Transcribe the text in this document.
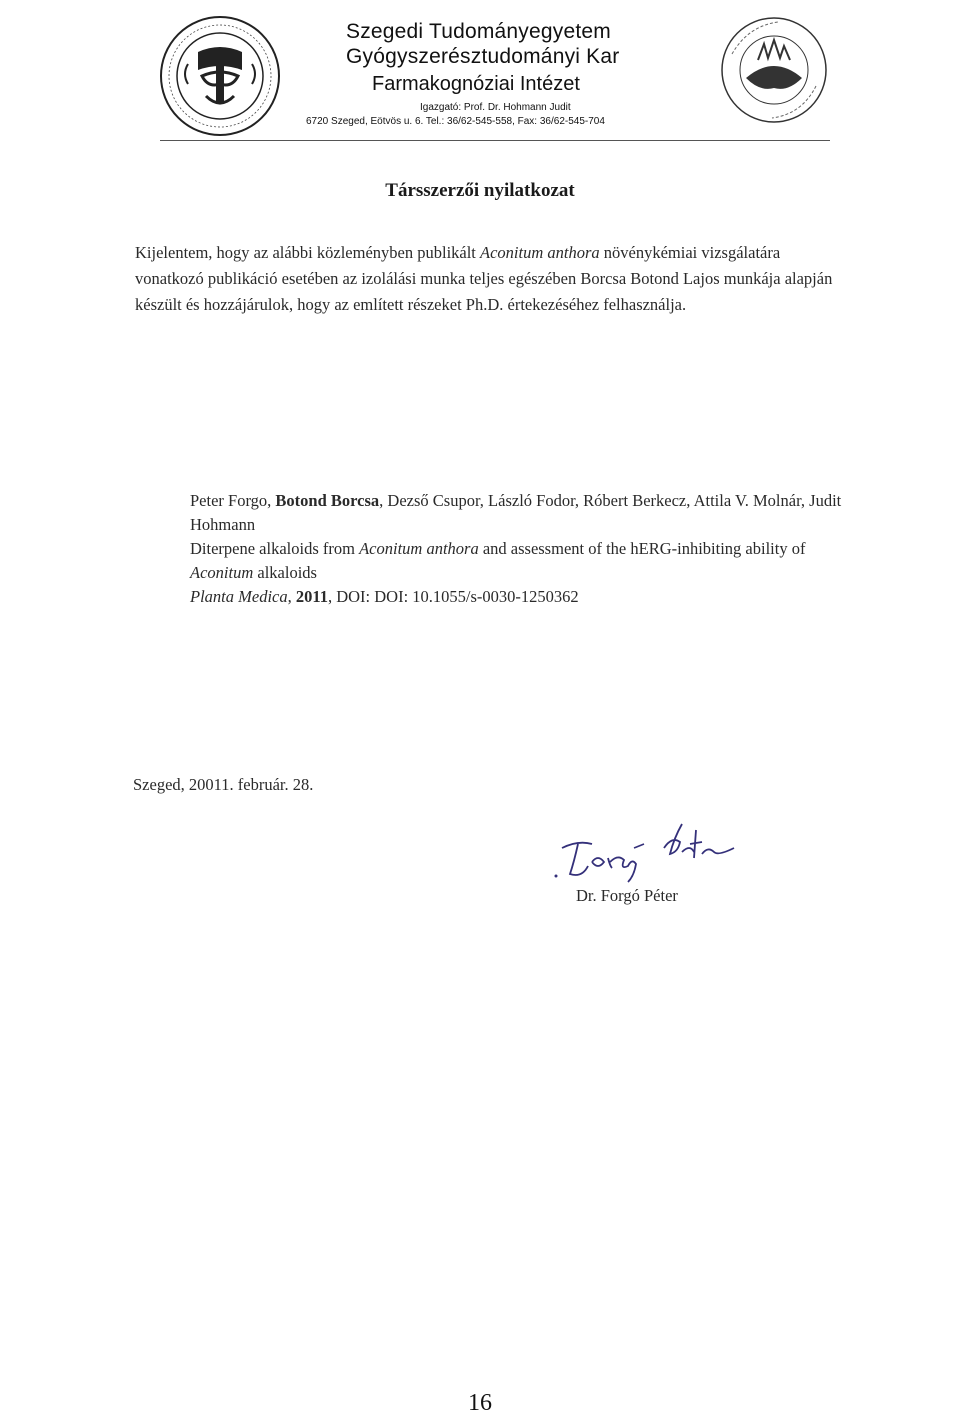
Szegedi Tudományegyetem
Gyógyszerésztudományi Kar
Farmakognóziai Intézet
Igazgató: Prof. Dr. Hohmann Judit
6720 Szeged, Eötvös u. 6. Tel.: 36/62-545-558, Fax: 36/62-545-704
Társszerzői nyilatkozat
Kijelentem, hogy az alábbi közleményben publikált Aconitum anthora növénykémiai vizsgálatára vonatkozó publikáció esetében az izolálási munka teljes egészében Borcsa Botond Lajos munkája alapján készült és hozzájárulok, hogy az említett részeket Ph.D. értekezéséhez felhasználja.
Peter Forgo, Botond Borcsa, Dezső Csupor, László Fodor, Róbert Berkecz, Attila V. Molnár, Judit Hohmann
Diterpene alkaloids from Aconitum anthora and assessment of the hERG-inhibiting ability of Aconitum alkaloids
Planta Medica, 2011, DOI: DOI: 10.1055/s-0030-1250362
Szeged, 20011. február. 28.
Dr. Forgó Péter
16
